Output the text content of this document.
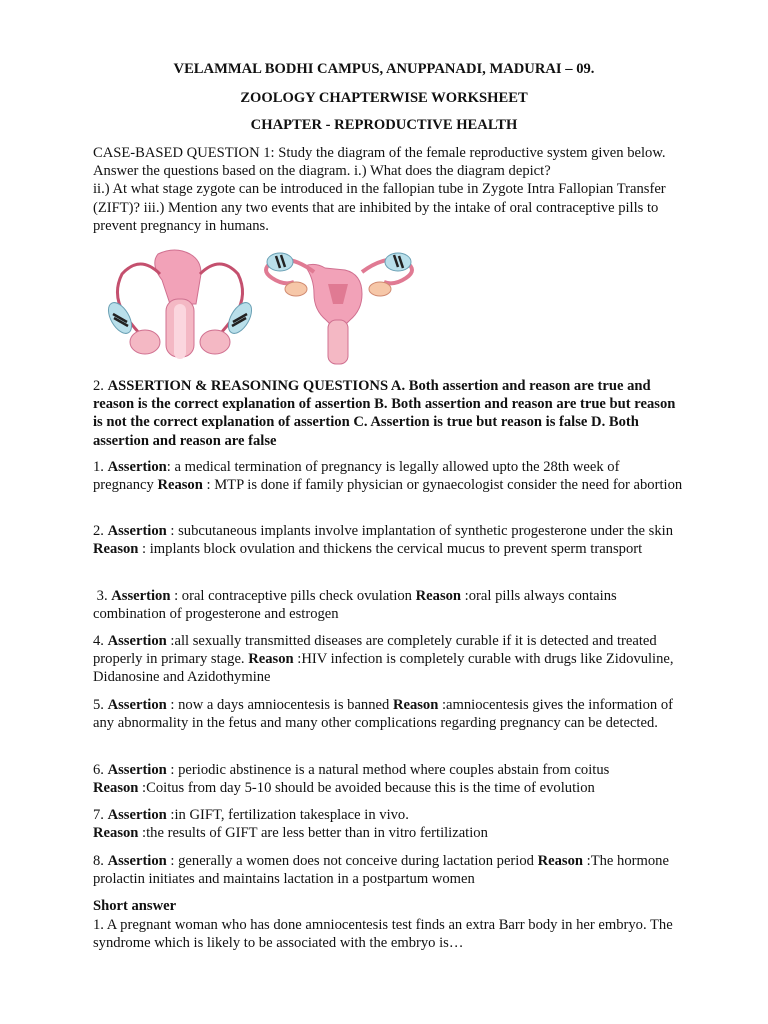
VELAMMAL BODHI CAMPUS, ANUPPANADI, MADURAI – 09.
ZOOLOGY CHAPTERWISE WORKSHEET
CHAPTER - REPRODUCTIVE HEALTH
CASE-BASED QUESTION 1: Study the diagram of the female reproductive system given below. Answer the questions based on the diagram. i.) What does the diagram depict?
ii.) At what stage zygote can be introduced in the fallopian tube in Zygote Intra Fallopian Transfer (ZIFT)? iii.) Mention any two events that are inhibited by the intake of oral contraceptive pills to prevent pregnancy in humans.
2. ASSERTION & REASONING QUESTIONS A. Both assertion and reason are true and reason is the correct explanation of assertion B. Both assertion and reason are true but reason is not the correct explanation of assertion C. Assertion is true but reason is false D. Both assertion and reason are false
1. Assertion: a medical termination of pregnancy is legally allowed upto the 28th week of pregnancy Reason : MTP is done if family physician or gynaecologist consider the need for abortion
2. Assertion : subcutaneous implants involve implantation of synthetic progesterone under the skin Reason : implants block ovulation and thickens the cervical mucus to prevent sperm transport
3. Assertion : oral contraceptive pills check ovulation Reason :oral pills always contains combination of progesterone and estrogen
4. Assertion :all sexually transmitted diseases are completely curable if it is detected and treated properly in primary stage. Reason :HIV infection is completely curable with drugs like Zidovuline, Didanosine and Azidothymine
5. Assertion : now a days amniocentesis is banned Reason :amniocentesis gives the information of any abnormality in the fetus and many other complications regarding pregnancy can be detected.
6. Assertion : periodic abstinence is a natural method where couples abstain from coitus
Reason :Coitus from day 5-10 should be avoided because this is the time of evolution
7. Assertion :in GIFT, fertilization takesplace in vivo.
Reason :the results of GIFT are less better than in vitro fertilization
8. Assertion : generally a women does not conceive during lactation period Reason :The hormone prolactin initiates and maintains lactation in a postpartum women
Short answer
1. A pregnant woman who has done amniocentesis test finds an extra Barr body in her embryo. The syndrome which is likely to be associated with the embryo is…
